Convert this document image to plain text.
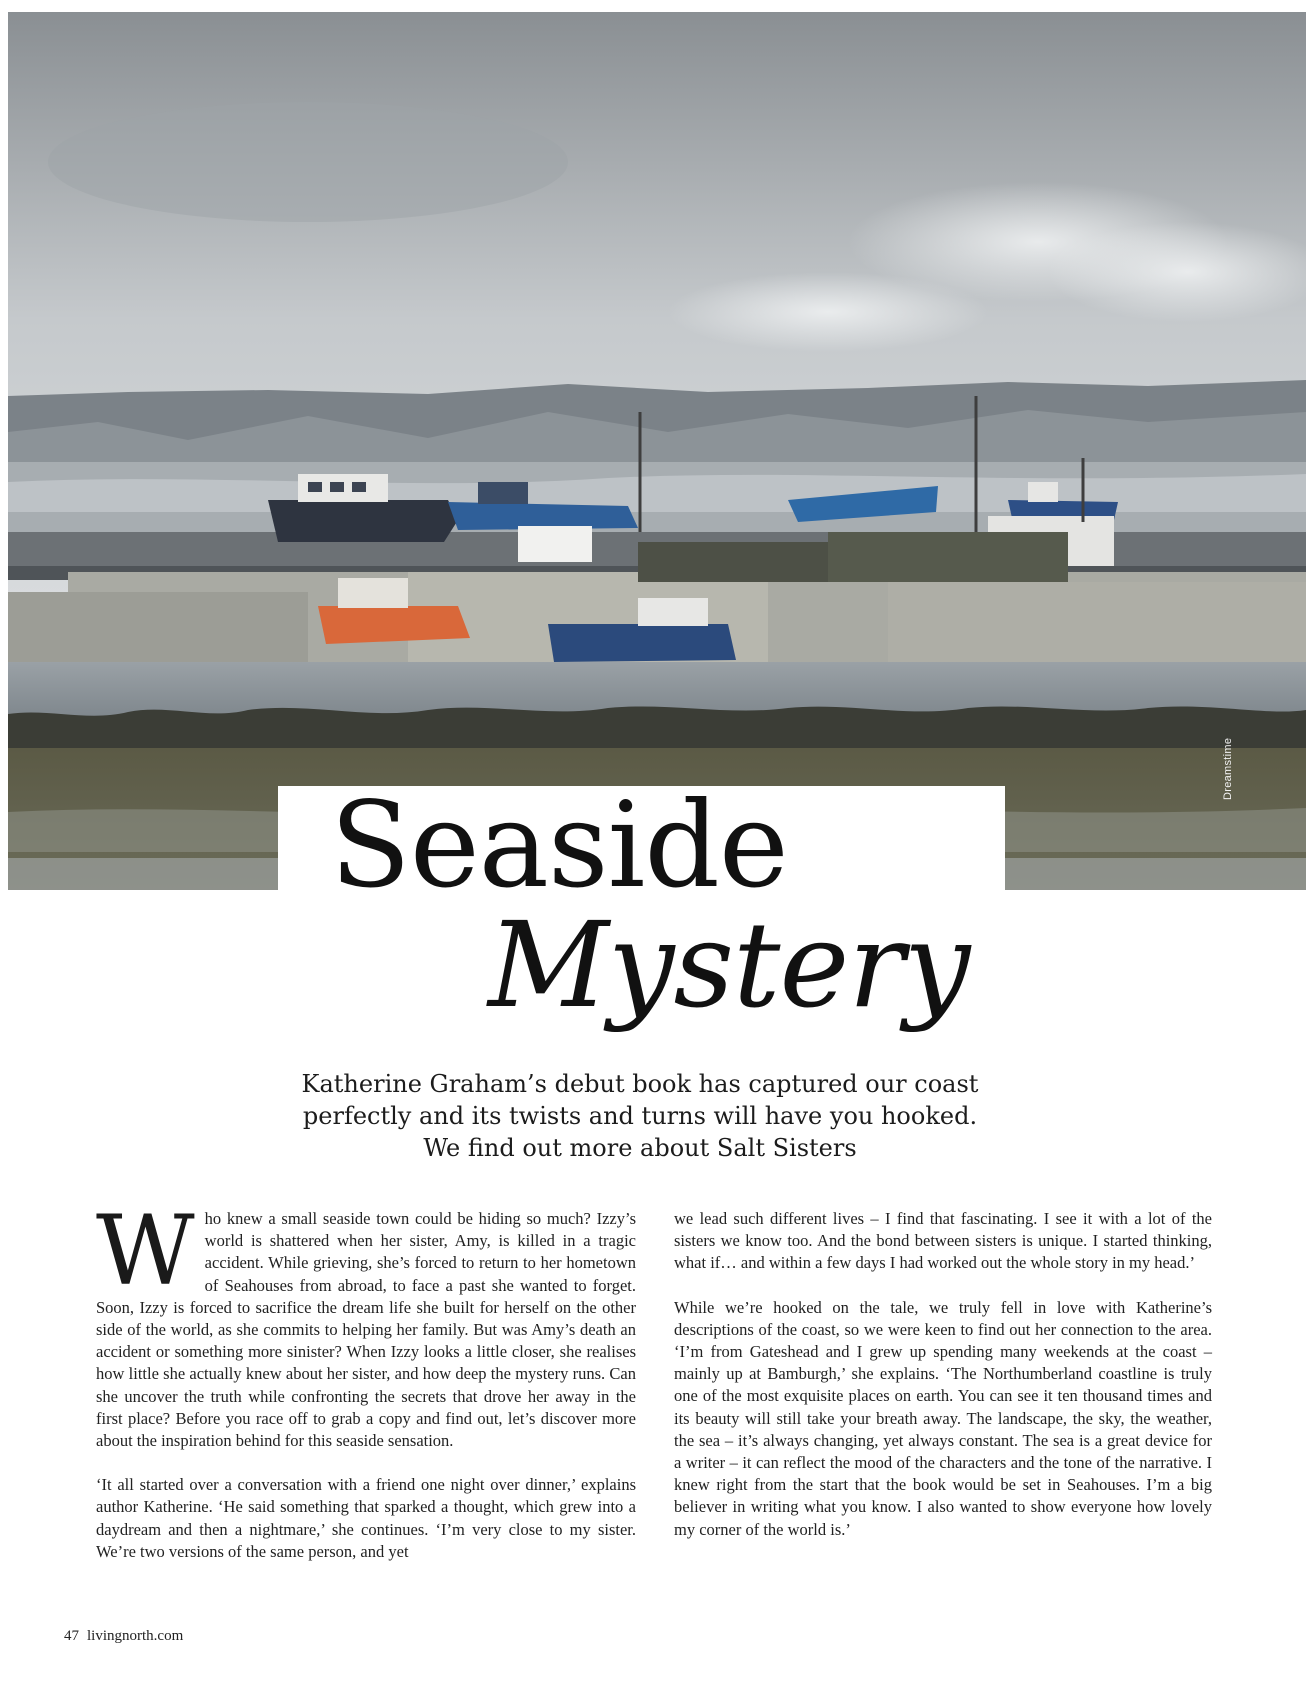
Dreamstime
Seaside
Mystery
Katherine Graham’s debut book has captured our coast perfectly and its twists and turns will have you hooked. We find out more about Salt Sisters

Who knew a small seaside town could be hiding so much? Izzy’s world is shattered when her sister, Amy, is killed in a tragic accident. While grieving, she’s forced to return to her hometown of Seahouses from abroad, to face a past she wanted to forget. Soon, Izzy is forced to sacrifice the dream life she built for herself on the other side of the world, as she commits to helping her family. But was Amy’s death an accident or something more sinister? When Izzy looks a little closer, she realises how little she actually knew about her sister, and how deep the mystery runs. Can she uncover the truth while confronting the secrets that drove her away in the first place? Before you race off to grab a copy and find out, let’s discover more about the inspiration behind for this seaside sensation.

‘It all started over a conversation with a friend one night over dinner,’ explains author Katherine. ‘He said something that sparked a thought, which grew into a daydream and then a nightmare,’ she continues. ‘I’m very close to my sister. We’re two versions of the same person, and yet

we lead such different lives – I find that fascinating. I see it with a lot of the sisters we know too. And the bond between sisters is unique. I started thinking, what if… and within a few days I had worked out the whole story in my head.’

While we’re hooked on the tale, we truly fell in love with Katherine’s descriptions of the coast, so we were keen to find out her connection to the area. ‘I’m from Gateshead and I grew up spending many weekends at the coast – mainly up at Bamburgh,’ she explains. ‘The Northumberland coastline is truly one of the most exquisite places on earth. You can see it ten thousand times and its beauty will still take your breath away. The landscape, the sky, the weather, the sea – it’s always changing, yet always constant. The sea is a great device for a writer – it can reflect the mood of the characters and the tone of the narrative. I knew right from the start that the book would be set in Seahouses. I’m a big believer in writing what you know. I also wanted to show everyone how lovely my corner of the world is.’

47 livingnorth.com
